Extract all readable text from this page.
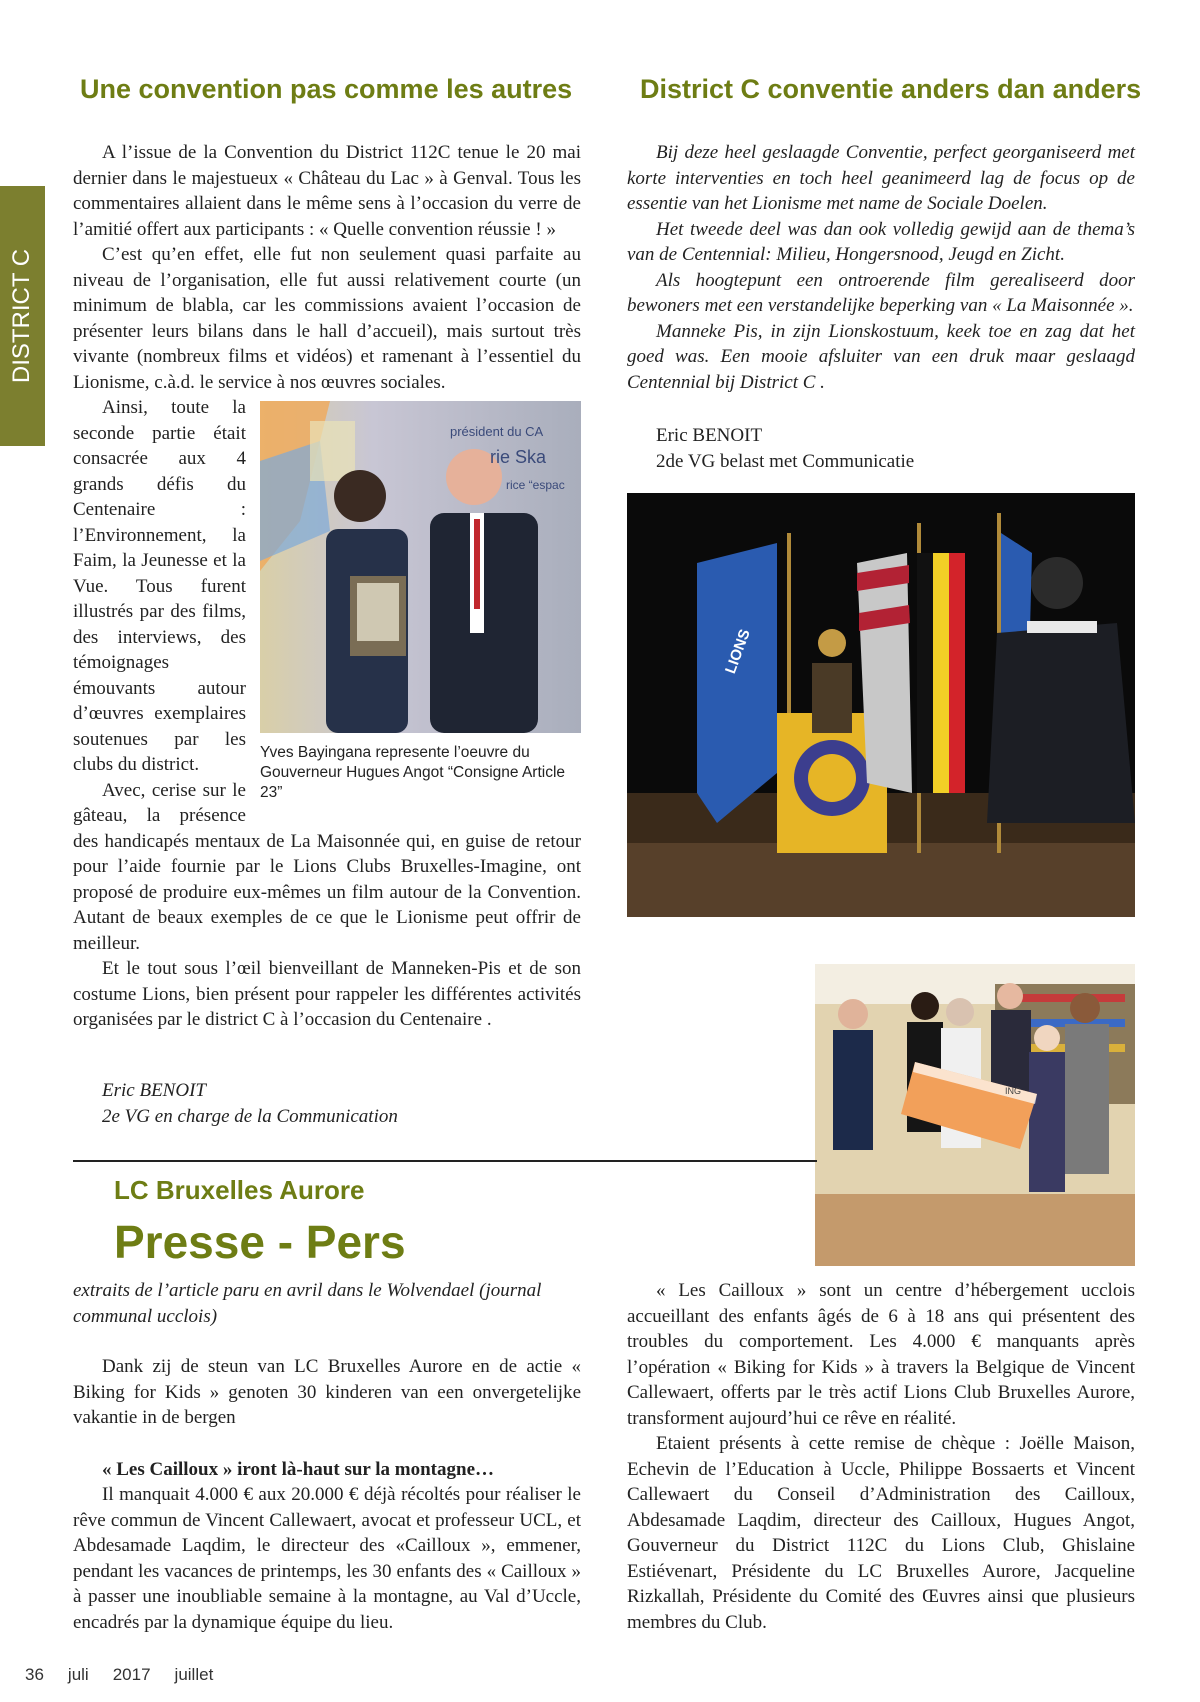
DISTRICT C
Une convention pas comme les autres	District C conventie anders dan anders

A l’issue de la Convention du District 112C tenue le 20 mai dernier dans le majestueux « Château du Lac » à Genval. Tous les commentaires allaient dans le même sens à l’occasion du verre de l’amitié offert aux participants : « Quelle convention réussie ! »

C’est qu’en effet, elle fut non seulement quasi parfaite au niveau de l’organisation, elle fut aussi relativement courte (un minimum de blabla, car les commissions avaient l’occasion de présenter leurs bilans dans le hall d’accueil), mais surtout très vivante (nombreux films et vidéos) et ramenant à l’essentiel du Lionisme, c.à.d. le service à nos œuvres sociales.

président du CA
rie Ska
rice “espac
Yves Bayingana represente l’oeuvre du Gouverneur Hugues Angot “Consigne Article 23”

Ainsi, toute la seconde partie était consacrée aux 4 grands défis du Centenaire : l’Environnement, la Faim, la Jeunesse et la Vue. Tous furent illustrés par des films, des interviews, des témoignages émouvants autour d’œuvres exemplaires soutenues par les clubs du district.

Avec, cerise sur le gâteau, la présence des handicapés mentaux de La Maisonnée qui, en guise de retour pour l’aide fournie par le Lions Clubs Bruxelles-Imagine, ont proposé de produire eux-mêmes un film autour de la Convention. Autant de beaux exemples de ce que le Lionisme peut offrir de meilleur.

Et le tout sous l’œil bienveillant de Manneken-Pis et de son costume Lions, bien présent pour rappeler les différentes activités organisées par le district C à l’occasion du Centenaire .

Eric BENOIT
2e VG en charge de la Communication

Bij deze heel geslaagde Conventie, perfect georganiseerd met korte interventies en toch heel geanimeerd lag de focus op de essentie van het Lionisme met name de Sociale Doelen.

Het tweede deel was dan ook volledig gewijd aan de thema’s van de Centennial: Milieu, Hongersnood, Jeugd en Zicht.

Als hoogtepunt een ontroerende film gerealiseerd door bewoners met een verstandelijke beperking van « La Maisonnée ».

Manneke Pis, in zijn Lionskostuum, keek toe en zag dat het goed was. Een mooie afsluiter van een druk maar geslaagd Centennial bij District C .

Eric BENOIT
2de VG belast met Communicatie
LIONS
ING
LC Bruxelles Aurore
Presse - Pers
extraits de l’article paru en avril dans le Wolvendael (journal communal ucclois)

Dank zij de steun van LC Bruxelles Aurore en de actie « Biking for Kids » genoten 30 kinderen van een onvergetelijke vakantie in de bergen

« Les Cailloux » iront là-haut sur la montagne…

Il manquait 4.000 € aux 20.000 € déjà récoltés pour réaliser le rêve commun de Vincent Callewaert, avocat et professeur UCL, et Abdesamade Laqdim, le directeur des «Cailloux », emmener, pendant les vacances de printemps, les 30 enfants des « Cailloux » à passer une inoubliable semaine à la montagne, au Val d’Uccle, encadrés par la dynamique équipe du lieu.

« Les Cailloux » sont un centre d’hébergement ucclois accueillant des enfants âgés de 6 à 18 ans qui présentent des troubles du comportement. Les 4.000 € manquants après l’opération « Biking for Kids » à travers la Belgique de Vincent Callewaert, offerts par le très actif Lions Club Bruxelles Aurore, transforment aujourd’hui ce rêve en réalité.

Etaient présents à cette remise de chèque : Joëlle Maison, Echevin de l’Education à Uccle, Philippe Bossaerts et Vincent Callewaert du Conseil d’Administration des Cailloux, Abdesamade Laqdim, directeur des Cailloux, Hugues Angot, Gouverneur du District 112C du Lions Club, Ghislaine Estiévenart, Présidente du LC Bruxelles Aurore, Jacqueline Rizkallah, Présidente du Comité des Œuvres ainsi que plusieurs membres du Club.

36 juli 2017 juillet
